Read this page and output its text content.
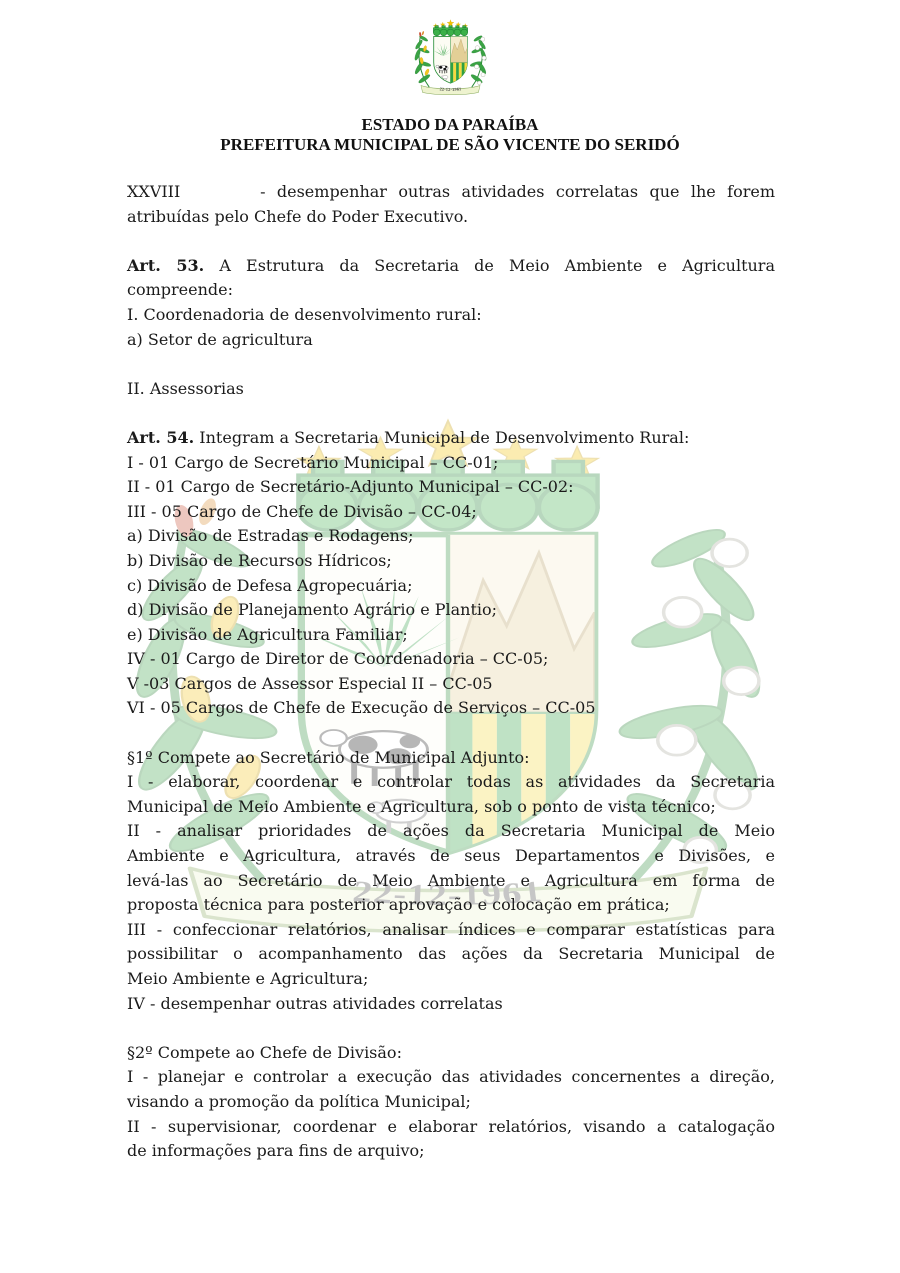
ESTADO DA PARAÍBA
PREFEITURA MUNICIPAL DE SÃO VICENTE DO SERIDÓ

XXVIII       - desempenhar outras atividades correlatas que lhe forem
atribuídas pelo Chefe do Poder Executivo.

Art. 53. A Estrutura da Secretaria de Meio Ambiente e Agricultura
compreende:

I. Coordenadoria de desenvolvimento rural:

a) Setor de agricultura

II. Assessorias

Art. 54. Integram a Secretaria Municipal de Desenvolvimento Rural:

I - 01 Cargo de Secretário Municipal – CC-01;

II - 01 Cargo de Secretário-Adjunto Municipal – CC-02:

III - 05 Cargo de Chefe de Divisão – CC-04;

a) Divisão de Estradas e Rodagens;

b) Divisão de Recursos Hídricos;

c) Divisão de Defesa Agropecuária;

d) Divisão de Planejamento Agrário e Plantio;

e) Divisão de Agricultura Familiar;

IV - 01 Cargo de Diretor de Coordenadoria – CC-05;

V -03 Cargos de Assessor Especial II – CC-05

VI - 05 Cargos de Chefe de Execução de Serviços – CC-05

§1º Compete ao Secretário de Municipal Adjunto:

I - elaborar, coordenar e controlar todas as atividades da Secretaria
Municipal de Meio Ambiente e Agricultura, sob o ponto de vista técnico;

II - analisar prioridades de ações da Secretaria Municipal de Meio
Ambiente e Agricultura, através de seus Departamentos e Divisões, e
levá-las ao Secretário de Meio Ambiente e Agricultura em forma de
proposta técnica para posterior aprovação e colocação em prática;

III - confeccionar relatórios, analisar índices e comparar estatísticas para
possibilitar o acompanhamento das ações da Secretaria Municipal de
Meio Ambiente e Agricultura;

IV - desempenhar outras atividades correlatas

§2º Compete ao Chefe de Divisão:

I - planejar e controlar a execução das atividades concernentes a direção,
visando a promoção da política Municipal;

II - supervisionar, coordenar e elaborar relatórios, visando a catalogação
de informações para fins de arquivo;
